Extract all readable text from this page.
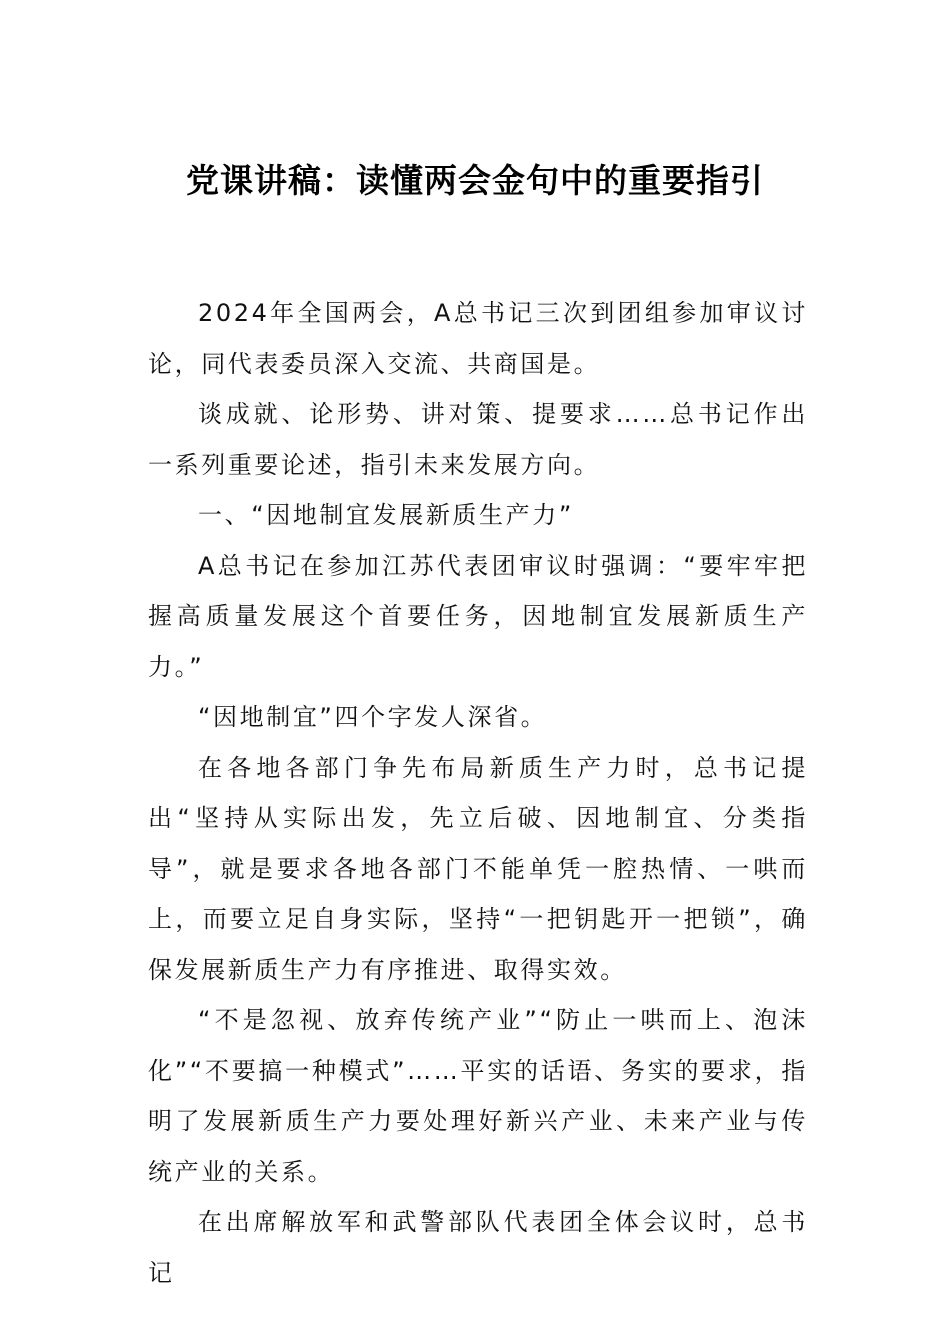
党课讲稿：读懂两会金句中的重要指引

2024年全国两会，A总书记三次到团组参加审议讨论，同代表委员深入交流、共商国是。

谈成就、论形势、讲对策、提要求……总书记作出一系列重要论述，指引未来发展方向。

一、“因地制宜发展新质生产力”

A总书记在参加江苏代表团审议时强调：“要牢牢把握高质量发展这个首要任务，因地制宜发展新质生产力。”

“因地制宜”四个字发人深省。

在各地各部门争先布局新质生产力时，总书记提出“坚持从实际出发，先立后破、因地制宜、分类指导”，就是要求各地各部门不能单凭一腔热情、一哄而上，而要立足自身实际，坚持“一把钥匙开一把锁”，确保发展新质生产力有序推进、取得实效。

“不是忽视、放弃传统产业”“防止一哄而上、泡沫化”“不要搞一种模式”……平实的话语、务实的要求，指明了发展新质生产力要处理好新兴产业、未来产业与传统产业的关系。

在出席解放军和武警部队代表团全体会议时，总书记
